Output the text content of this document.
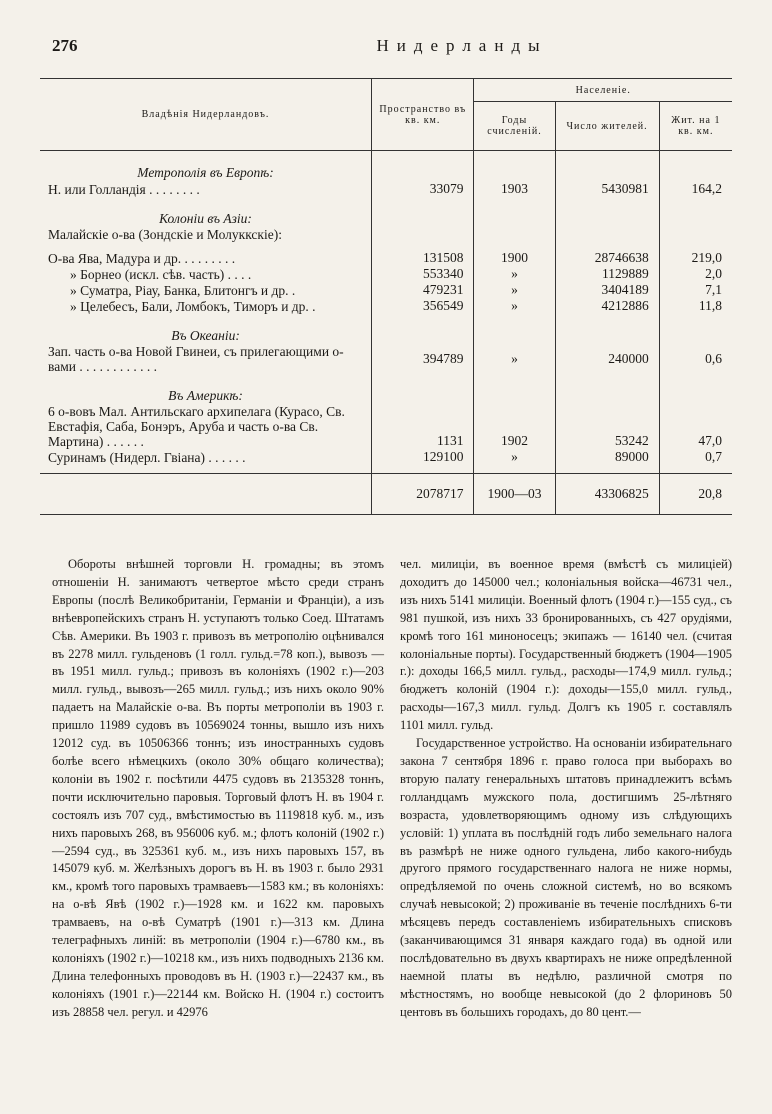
276	Нидерланды
Владѣнія Нидерландовъ.	Пространство въ кв. км.	Населеніе.		
		Годы счисленій.	Число жителей.	Жит. на 1 кв. км.

Метрополія въ Европѣ:				
Н. или Голландія . . . . . . . .	33079	1903	5430981	164,2

Колоніи въ Азіи:				
Малайскіе о-ва (Зондскіе и Молуккскіе):				

О-ва Ява, Мадура и др. . . . . . . . .	131508	1900	28746638	219,0
» Борнео (искл. сѣв. часть) . . . .	553340	»	1129889	2,0
» Суматра, Ріау, Банка, Блитонгъ и др. .	479231	»	3404189	7,1
» Целебесъ, Бали, Ломбокъ, Тиморъ и др. .	356549	»	4212886	11,8

Въ Океаніи:				
Зап. часть о-ва Новой Гвинеи, съ прилегающими о-вами . . . . . . . . . . . .	394789	»	240000	0,6

Въ Америкѣ:				
6 о-вовъ Мал. Антильскаго архипелага (Курасо, Св. Евстафія, Саба, Бонэръ, Аруба и часть о-ва Св. Мартина) . . . . . .	1131	1902	53242	47,0
Суринамъ (Нидерл. Гвіана) . . . . . .	129100	»	89000	0,7

	2078717	1900—03	43306825	20,8
Обороты внѣшней торговли Н. громадны; въ этомъ отношеніи Н. занимаютъ четвертое мѣсто среди странъ Европы (послѣ Великобританіи, Германіи и Франціи), а изъ внѣевропейскихъ странъ Н. уступаютъ только Соед. Штатамъ Сѣв. Америки. Въ 1903 г. привозъ въ метрополію оцѣнивался въ 2278 милл. гульденовъ (1 голл. гульд.=78 коп.), вывозъ — въ 1951 милл. гульд.; привозъ въ колоніяхъ (1902 г.)—203 милл. гульд., вывозъ—265 милл. гульд.; изъ нихъ около 90% падаетъ на Малайскіе о-ва. Въ порты метрополіи въ 1903 г. пришло 11989 судовъ въ 10569024 тонны, вышло изъ нихъ 12012 суд. въ 10506366 тоннъ; изъ иностранныхъ судовъ болѣе всего нѣмецкихъ (около 30% общаго количества); колоніи въ 1902 г. посѣтили 4475 судовъ въ 2135328 тоннъ, почти исключительно паровыя. Торговый флотъ Н. въ 1904 г. состоялъ изъ 707 суд., вмѣстимостью въ 1119818 куб. м., изъ нихъ паровыхъ 268, въ 956006 куб. м.; флотъ колоній (1902 г.)—2594 суд., въ 325361 куб. м., изъ нихъ паровыхъ 157, въ 145079 куб. м. Желѣзныхъ дорогъ въ Н. въ 1903 г. было 2931 км., кромѣ того паровыхъ трамваевъ—1583 км.; въ колоніяхъ: на о-вѣ Явѣ (1902 г.)—1928 км. и 1622 км. паровыхъ трамваевъ, на о-вѣ Суматрѣ (1901 г.)—313 км. Длина телеграфныхъ линій: въ метрополіи (1904 г.)—6780 км., въ колоніяхъ (1902 г.)—10218 км., изъ нихъ подводныхъ 2136 км. Длина телефонныхъ проводовъ въ Н. (1903 г.)—22437 км., въ колоніяхъ (1901 г.)—22144 км. Войско Н. (1904 г.) состоитъ изъ 28858 чел. регул. и 42976
чел. милиціи, въ военное время (вмѣстѣ съ милиціей) доходитъ до 145000 чел.; колоніальныя войска—46731 чел., изъ нихъ 5141 милиціи. Военный флотъ (1904 г.)—155 суд., съ 981 пушкой, изъ нихъ 33 бронированныхъ, съ 427 орудіями, кромѣ того 161 миноносецъ; экипажъ — 16140 чел. (считая колоніальные порты). Государственный бюджетъ (1904—1905 г.): доходы 166,5 милл. гульд., расходы—174,9 милл. гульд.; бюджетъ колоній (1904 г.): доходы—155,0 милл. гульд., расходы—167,3 милл. гульд. Долгъ къ 1905 г. составлялъ 1101 милл. гульд.
Государственное устройство. На основаніи избирательнаго закона 7 сентября 1896 г. право голоса при выборахъ во вторую палату генеральныхъ штатовъ принадлежитъ всѣмъ голландцамъ мужского пола, достигшимъ 25-лѣтняго возраста, удовлетворяющимъ одному изъ слѣдующихъ условій: 1) уплата въ послѣдній годъ либо земельнаго налога въ размѣрѣ не ниже одного гульдена, либо какого-нибудь другого прямого государственнаго налога не ниже нормы, опредѣляемой по очень сложной системѣ, но во всякомъ случаѣ невысокой; 2) проживаніе въ теченіе послѣднихъ 6-ти мѣсяцевъ передъ составленіемъ избирательныхъ списковъ (заканчивающимся 31 января каждаго года) въ одной или послѣдовательно въ двухъ квартирахъ не ниже опредѣленной наемной платы въ недѣлю, различной смотря по мѣстностямъ, но вообще невысокой (до 2 флориновъ 50 центовъ въ большихъ городахъ, до 80 цент.—
